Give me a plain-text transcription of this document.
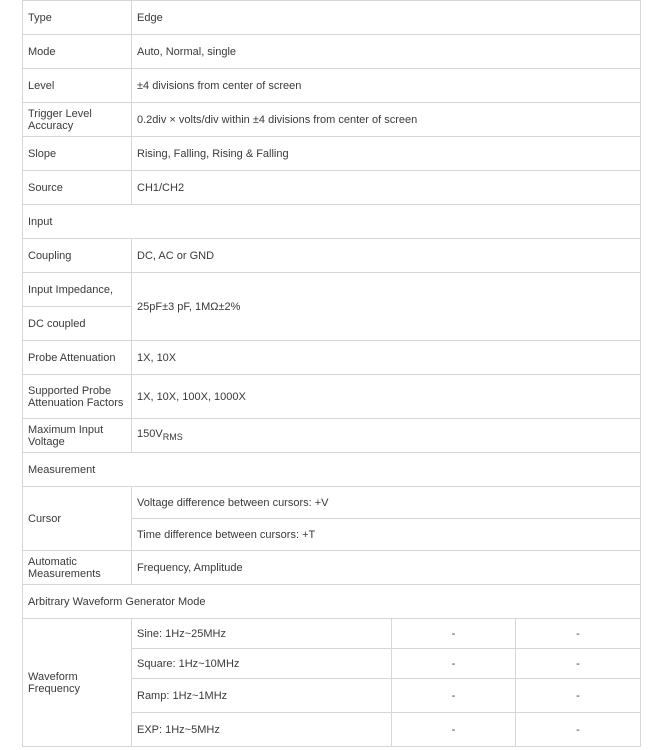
Type	Edge		
Mode	Auto, Normal, single		
Level	±4 divisions from center of screen		
Trigger Level Accuracy	0.2div × volts/div within ±4 divisions from center of screen		
Slope	Rising, Falling, Rising & Falling		
Source	CH1/CH2		
Input			
Coupling	DC, AC or GND		
Input Impedance,	25pF±3 pF, 1MΩ±2%		
DC coupled			
Probe Attenuation	1X, 10X		
Supported Probe Attenuation Factors	1X, 10X, 100X, 1000X		
Maximum Input Voltage	$150V_{RMS}$
Measurement			
Cursor	Voltage difference between cursors: +V		
	Time difference between cursors: +T		
Automatic Measurements	Frequency, Amplitude		
Arbitrary Waveform Generator Mode			
Waveform Frequency	Sine: 1Hz~25MHz	-	-
	Square: 1Hz~10MHz	-	-
	Ramp: 1Hz~1MHz	-	-
	EXP: 1Hz~5MHz	-	-
